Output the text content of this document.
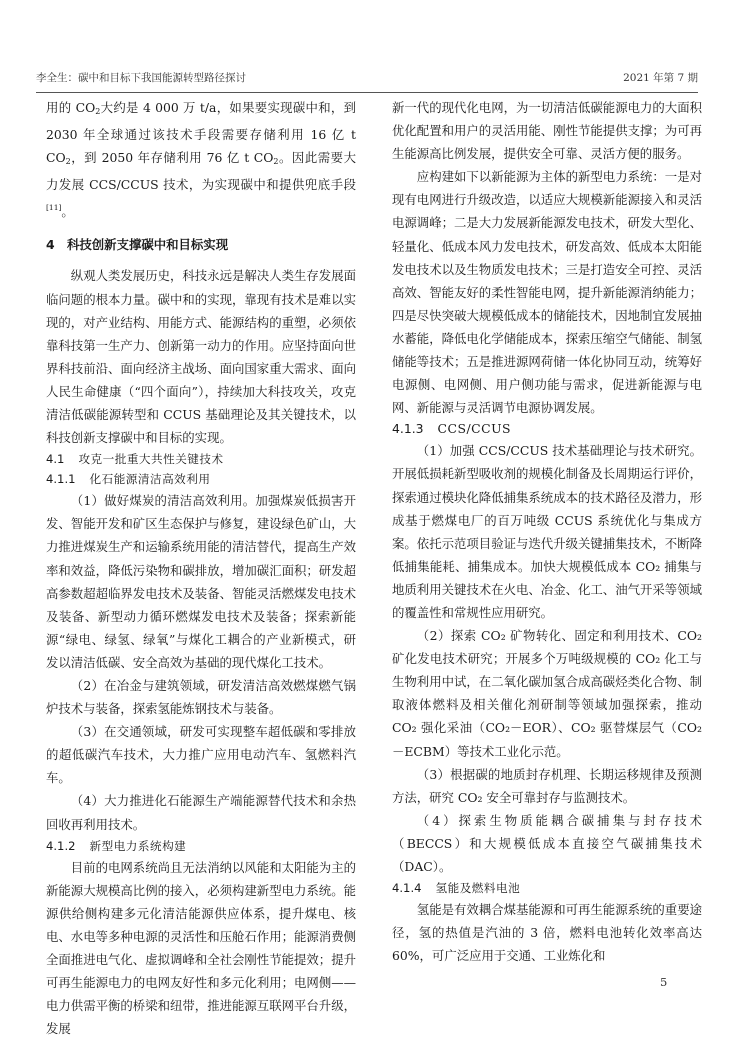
李全生：碳中和目标下我国能源转型路径探讨	2021 年第 7 期

用的 $CO_2$大约是 4 000 万 t/a，如果要实现碳中和，到 2030 年全球通过该技术手段需要存储利用 16 亿 t $CO_2$，到 2050 年存储利用 76 亿 t $CO_2$。因此需要大力发展 CCS/CCUS 技术，为实现碳中和提供兜底手段[11]。

4　科技创新支撑碳中和目标实现

纵观人类发展历史，科技永远是解决人类生存发展面临问题的根本力量。碳中和的实现，靠现有技术是难以实现的，对产业结构、用能方式、能源结构的重塑，必须依靠科技第一生产力、创新第一动力的作用。应坚持面向世界科技前沿、面向经济主战场、面向国家重大需求、面向人民生命健康（“四个面向”），持续加大科技攻关，攻克清洁低碳能源转型和 CCUS 基础理论及其关键技术，以科技创新支撑碳中和目标的实现。

4.1 攻克一批重大共性关键技术
4.1.1 化石能源清洁高效利用

（1）做好煤炭的清洁高效利用。加强煤炭低损害开发、智能开发和矿区生态保护与修复，建设绿色矿山，大力推进煤炭生产和运输系统用能的清洁替代，提高生产效率和效益，降低污染物和碳排放，增加碳汇面积；研发超高参数超超临界发电技术及装备、智能灵活燃煤发电技术及装备、新型动力循环燃煤发电技术及装备；探索新能源“绿电、绿氢、绿氧”与煤化工耦合的产业新模式，研发以清洁低碳、安全高效为基础的现代煤化工技术。

（2）在冶金与建筑领域，研发清洁高效燃煤燃气锅炉技术与装备，探索氢能炼钢技术与装备。

（3）在交通领域，研发可实现整车超低碳和零排放的超低碳汽车技术，大力推广应用电动汽车、氢燃料汽车。

（4）大力推进化石能源生产端能源替代技术和余热回收再利用技术。

4.1.2 新型电力系统构建

目前的电网系统尚且无法消纳以风能和太阳能为主的新能源大规模高比例的接入，必须构建新型电力系统。能源供给侧构建多元化清洁能源供应体系，提升煤电、核电、水电等多种电源的灵活性和压舱石作用；能源消费侧全面推进电气化、虚拟调峰和全社会刚性节能提效；提升可再生能源电力的电网友好性和多元化利用；电网侧——电力供需平衡的桥梁和纽带，推进能源互联网平台升级，发展

新一代的现代化电网，为一切清洁低碳能源电力的大面积优化配置和用户的灵活用能、刚性节能提供支撑；为可再生能源高比例发展，提供安全可靠、灵活方便的服务。

应构建如下以新能源为主体的新型电力系统：一是对现有电网进行升级改造，以适应大规模新能源接入和灵活电源调峰；二是大力发展新能源发电技术，研发大型化、轻量化、低成本风力发电技术，研发高效、低成本太阳能发电技术以及生物质发电技术；三是打造安全可控、灵活高效、智能友好的柔性智能电网，提升新能源消纳能力；四是尽快突破大规模低成本的储能技术，因地制宜发展抽水蓄能，降低电化学储能成本，探索压缩空气储能、制氢储能等技术；五是推进源网荷储一体化协同互动，统筹好电源侧、电网侧、用户侧功能与需求，促进新能源与电网、新能源与灵活调节电源协调发展。

4.1.3 CCS/CCUS

（1）加强 CCS/CCUS 技术基础理论与技术研究。开展低损耗新型吸收剂的规模化制备及长周期运行评价，探索通过模块化降低捕集系统成本的技术路径及潜力，形成基于燃煤电厂的百万吨级 CCUS 系统优化与集成方案。依托示范项目验证与迭代升级关键捕集技术，不断降低捕集能耗、捕集成本。加快大规模低成本 CO₂ 捕集与地质利用关键技术在火电、冶金、化工、油气开采等领域的覆盖性和常规性应用研究。

（2）探索 CO₂ 矿物转化、固定和利用技术、CO₂ 矿化发电技术研究；开展多个万吨级规模的 CO₂ 化工与生物利用中试，在二氧化碳加氢合成高碳烃类化合物、制取液体燃料及相关催化剂研制等领域加强探索，推动 CO₂ 强化采油（CO₂－EOR）、CO₂ 驱替煤层气（CO₂－ECBM）等技术工业化示范。

（3）根据碳的地质封存机理、长期运移规律及预测方法，研究 CO₂ 安全可靠封存与监测技术。

（4）探索生物质能耦合碳捕集与封存技术（BECCS）和大规模低成本直接空气碳捕集技术（DAC）。

4.1.4 氢能及燃料电池

氢能是有效耦合煤基能源和可再生能源系统的重要途径，氢的热值是汽油的 3 倍，燃料电池转化效率高达 60%，可广泛应用于交通、工业炼化和

5
